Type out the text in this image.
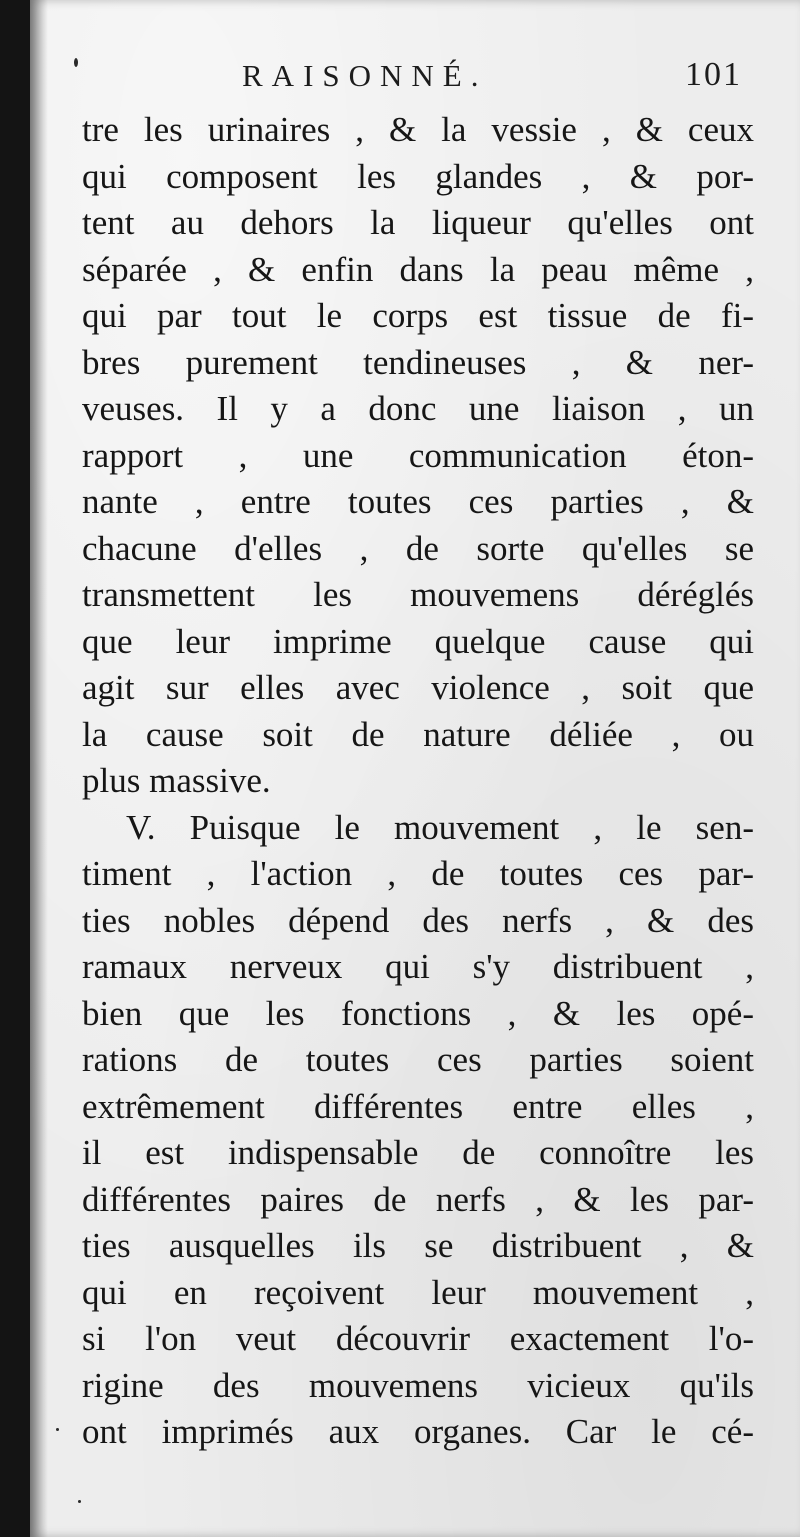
RAISONNÉ.	101
tre les urinaires , & la vessie , & ceux
qui composent les glandes , & por-
tent au dehors la liqueur qu'elles ont
séparée , & enfin dans la peau même ,
qui par tout le corps est tissue de fi-
bres purement tendineuses , & ner-
veuses. Il y a donc une liaison , un
rapport , une communication éton-
nante , entre toutes ces parties , &
chacune d'elles , de sorte qu'elles se
transmettent les mouvemens déréglés
que leur imprime quelque cause qui
agit sur elles avec violence , soit que
la cause soit de nature déliée , ou
plus massive.
V. Puisque le mouvement , le sen-
timent , l'action , de toutes ces par-
ties nobles dépend des nerfs , & des
ramaux nerveux qui s'y distribuent ,
bien que les fonctions , & les opé-
rations de toutes ces parties soient
extrêmement différentes entre elles ,
il est indispensable de connoître les
différentes paires de nerfs , & les par-
ties ausquelles ils se distribuent , &
qui en reçoivent leur mouvement ,
si l'on veut découvrir exactement l'o-
rigine des mouvemens vicieux qu'ils
ont imprimés aux organes. Car le cé-
